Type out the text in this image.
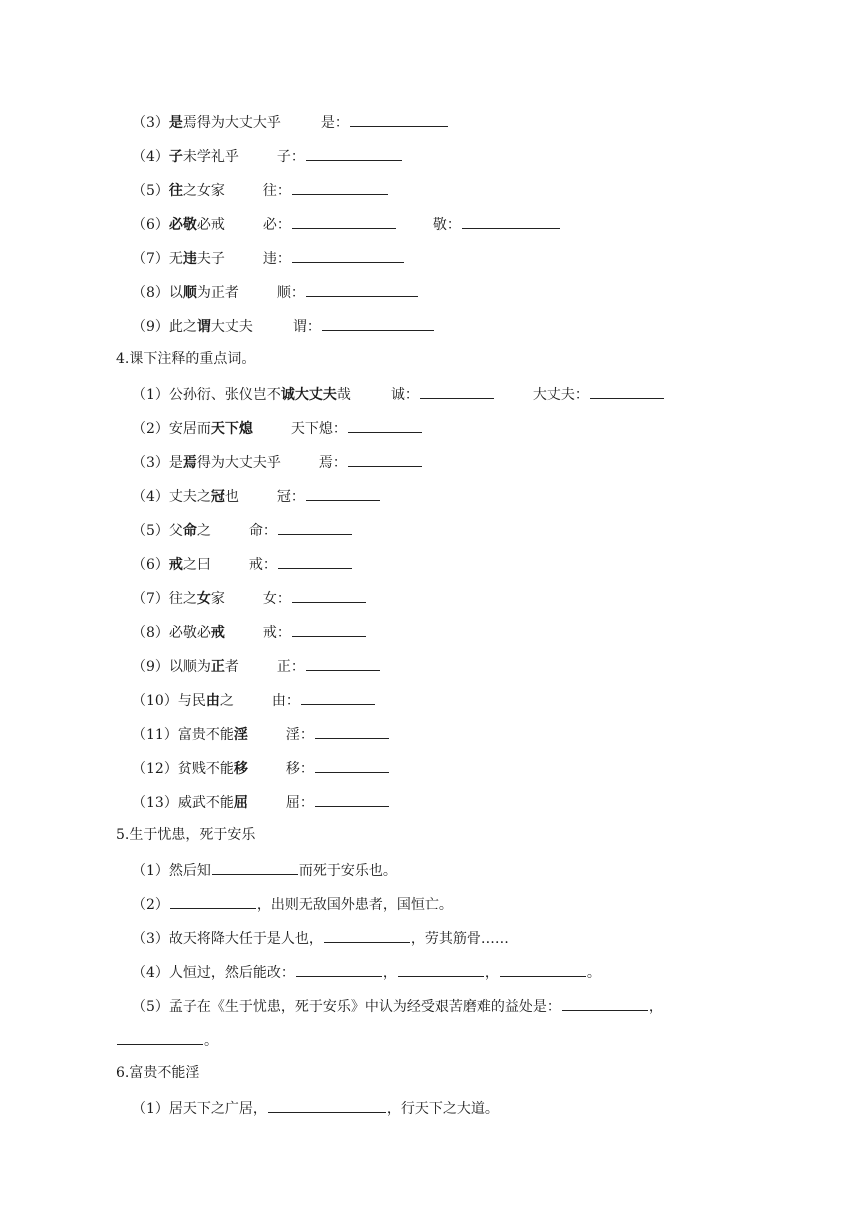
（3）是焉得为大丈大乎	是：
（4）子未学礼乎	子：
（5）往之女家	往：
（6）必敬必戒	必：	敬：
（7）无违夫子	违：
（8）以顺为正者	顺：
（9）此之谓大丈夫	谓：
4.课下注释的重点词。
（1）公孙衍、张仪岂不诚大丈夫哉	诚：	大丈夫：
（2）安居而天下熄	天下熄：
（3）是焉得为大丈夫乎	焉：
（4）丈夫之冠也	冠：
（5）父命之	命：
（6）戒之曰	戒：
（7）往之女家	女：
（8）必敬必戒	戒：
（9）以顺为正者	正：
（10）与民由之	由：
（11）富贵不能淫	淫：
（12）贫贱不能移	移：
（13）威武不能屈	屈：
5.生于忧患，死于安乐
（1）然后知	而死于安乐也。
（2）	，出则无敌国外患者，国恒亡。
（3）故天将降大任于是人也，	，劳其筋骨……
（4）人恒过，然后能改：	，	，	。
（5）孟子在《生于忧患，死于安乐》中认为经受艰苦磨难的益处是：	，
。
6.富贵不能淫
（1）居天下之广居，	，行天下之大道。
